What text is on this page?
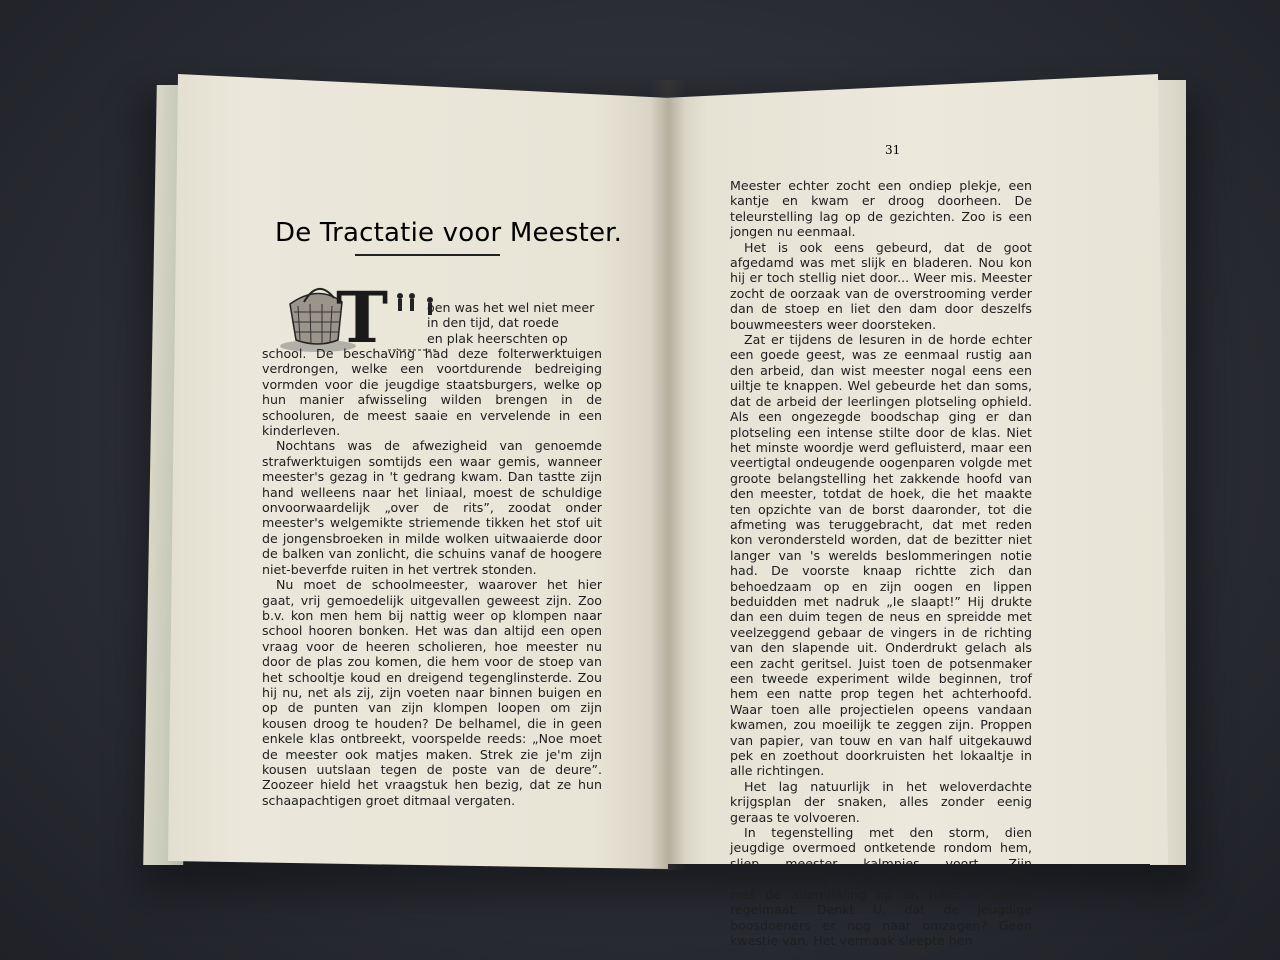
De Tractatie voor Meester.
T	oen was het wel niet meer

in den tijd, dat roede

en plak heerschten op

school. De beschaving had deze folterwerktuigen verdrongen, welke een voortdurende bedreiging vormden voor die jeugdige staatsburgers, welke op hun manier afwisseling wilden brengen in de schooluren, de meest saaie en vervelende in een kinderleven.

Nochtans was de afwezigheid van genoemde strafwerktuigen somtijds een waar gemis, wanneer meester's gezag in 't gedrang kwam. Dan tastte zijn hand welleens naar het liniaal, moest de schuldige onvoorwaardelijk „over de rits”, zoodat onder meester's welgemikte striemende tikken het stof uit de jongensbroeken in milde wolken uitwaaierde door de balken van zonlicht, die schuins vanaf de hoogere niet-beverfde ruiten in het vertrek stonden.

Nu moet de schoolmeester, waarover het hier gaat, vrij gemoedelijk uitgevallen geweest zijn. Zoo b.v. kon men hem bij nattig weer op klompen naar school hooren bonken. Het was dan altijd een open vraag voor de heeren scholieren, hoe meester nu door de plas zou komen, die hem voor de stoep van het schooltje koud en dreigend tegenglinsterde. Zou hij nu, net als zij, zijn voeten naar binnen buigen en op de punten van zijn klompen loopen om zijn kousen droog te houden? De belhamel, die in geen enkele klas ontbreekt, voorspelde reeds: „Noe moet de meester ook matjes maken. Strek zie je'm zijn kousen uutslaan tegen de poste van de deure”. Zoozeer hield het vraagstuk hen bezig, dat ze hun schaapachtigen groet ditmaal vergaten.

31

Meester echter zocht een ondiep plekje, een kantje en kwam er droog doorheen. De teleurstelling lag op de gezichten. Zoo is een jongen nu eenmaal.

Het is ook eens gebeurd, dat de goot afgedamd was met slijk en bladeren. Nou kon hij er toch stellig niet door... Weer mis. Meester zocht de oorzaak van de overstrooming verder dan de stoep en liet den dam door deszelfs bouwmeesters weer doorsteken.

Zat er tijdens de lesuren in de horde echter een goede geest, was ze eenmaal rustig aan den arbeid, dan wist meester nogal eens een uiltje te knappen. Wel gebeurde het dan soms, dat de arbeid der leerlingen plotseling ophield. Als een ongezegde boodschap ging er dan plotseling een intense stilte door de klas. Niet het minste woordje werd gefluisterd, maar een veertigtal ondeugende oogenparen volgde met groote belangstelling het zakkende hoofd van den meester, totdat de hoek, die het maakte ten opzichte van de borst daaronder, tot die afmeting was teruggebracht, dat met reden kon verondersteld worden, dat de bezitter niet langer van 's werelds beslommeringen notie had. De voorste knaap richtte zich dan behoedzaam op en zijn oogen en lippen beduidden met nadruk „Ie slaapt!” Hij drukte dan een duim tegen de neus en spreidde met veelzeggend gebaar de vingers in de richting van den slapende uit. Onderdrukt gelach als een zacht geritsel. Juist toen de potsenmaker een tweede experiment wilde beginnen, trof hem een natte prop tegen het achterhoofd. Waar toen alle projectielen opeens vandaan kwamen, zou moeilijk te zeggen zijn. Proppen van papier, van touw en van half uitgekauwd pek en zoethout doorkruisten het lokaaltje in alle richtingen.

Het lag natuurlijk in het weloverdachte krijgsplan der snaken, alles zonder eenig geraas te volvoeren.

In tegenstelling met den storm, dien jeugdige overmoed ontketende rondom hem, sliep meester kalmpjes voort. Zijn eerbiedwaardig hoofd ging bijna onmerkbaar met de ademhaling op en neer in zachte regelmaat. Denkt U, dat de jeugdige boosdoeners er nog naar omzagen? Geen kwestie van. Het vermaak sleepte hen
